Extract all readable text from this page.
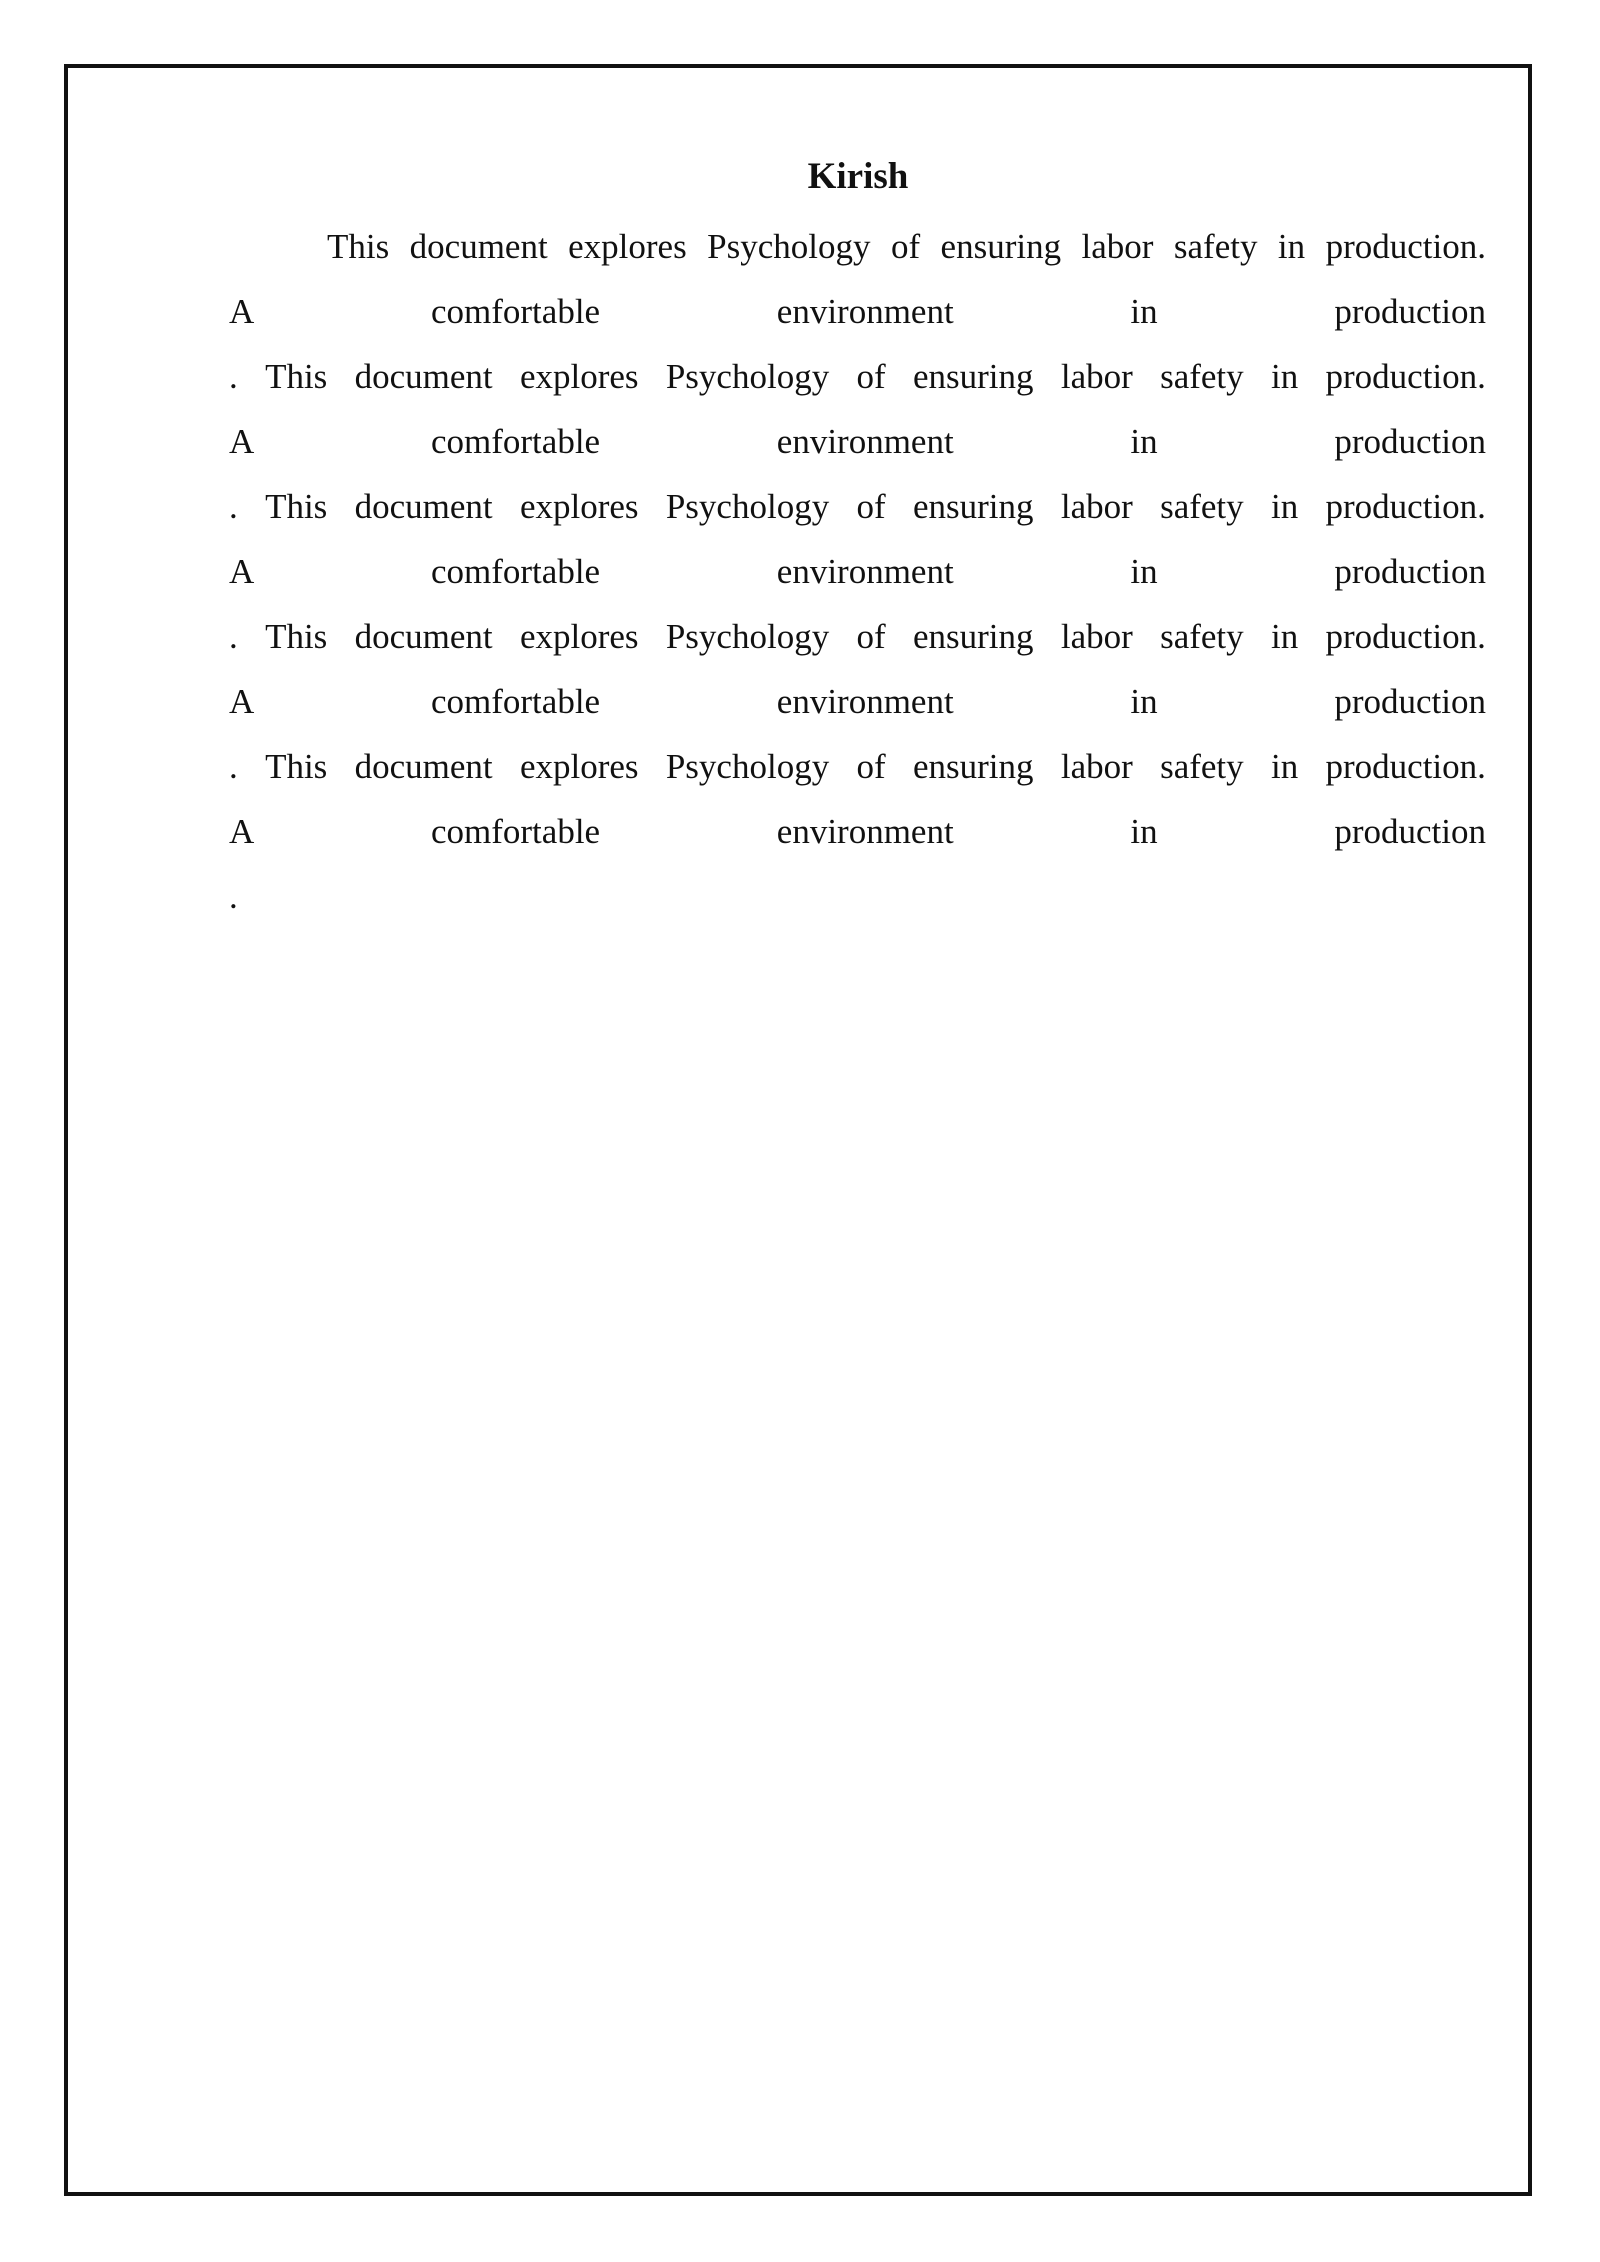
Kirish
This document explores Psychology of ensuring labor safety in production.
A	comfortable	environment	in	production
. This document explores Psychology of ensuring labor safety in production.
A	comfortable	environment	in	production
. This document explores Psychology of ensuring labor safety in production.
A	comfortable	environment	in	production
. This document explores Psychology of ensuring labor safety in production.
A	comfortable	environment	in	production
. This document explores Psychology of ensuring labor safety in production.
A	comfortable	environment	in	production
.
